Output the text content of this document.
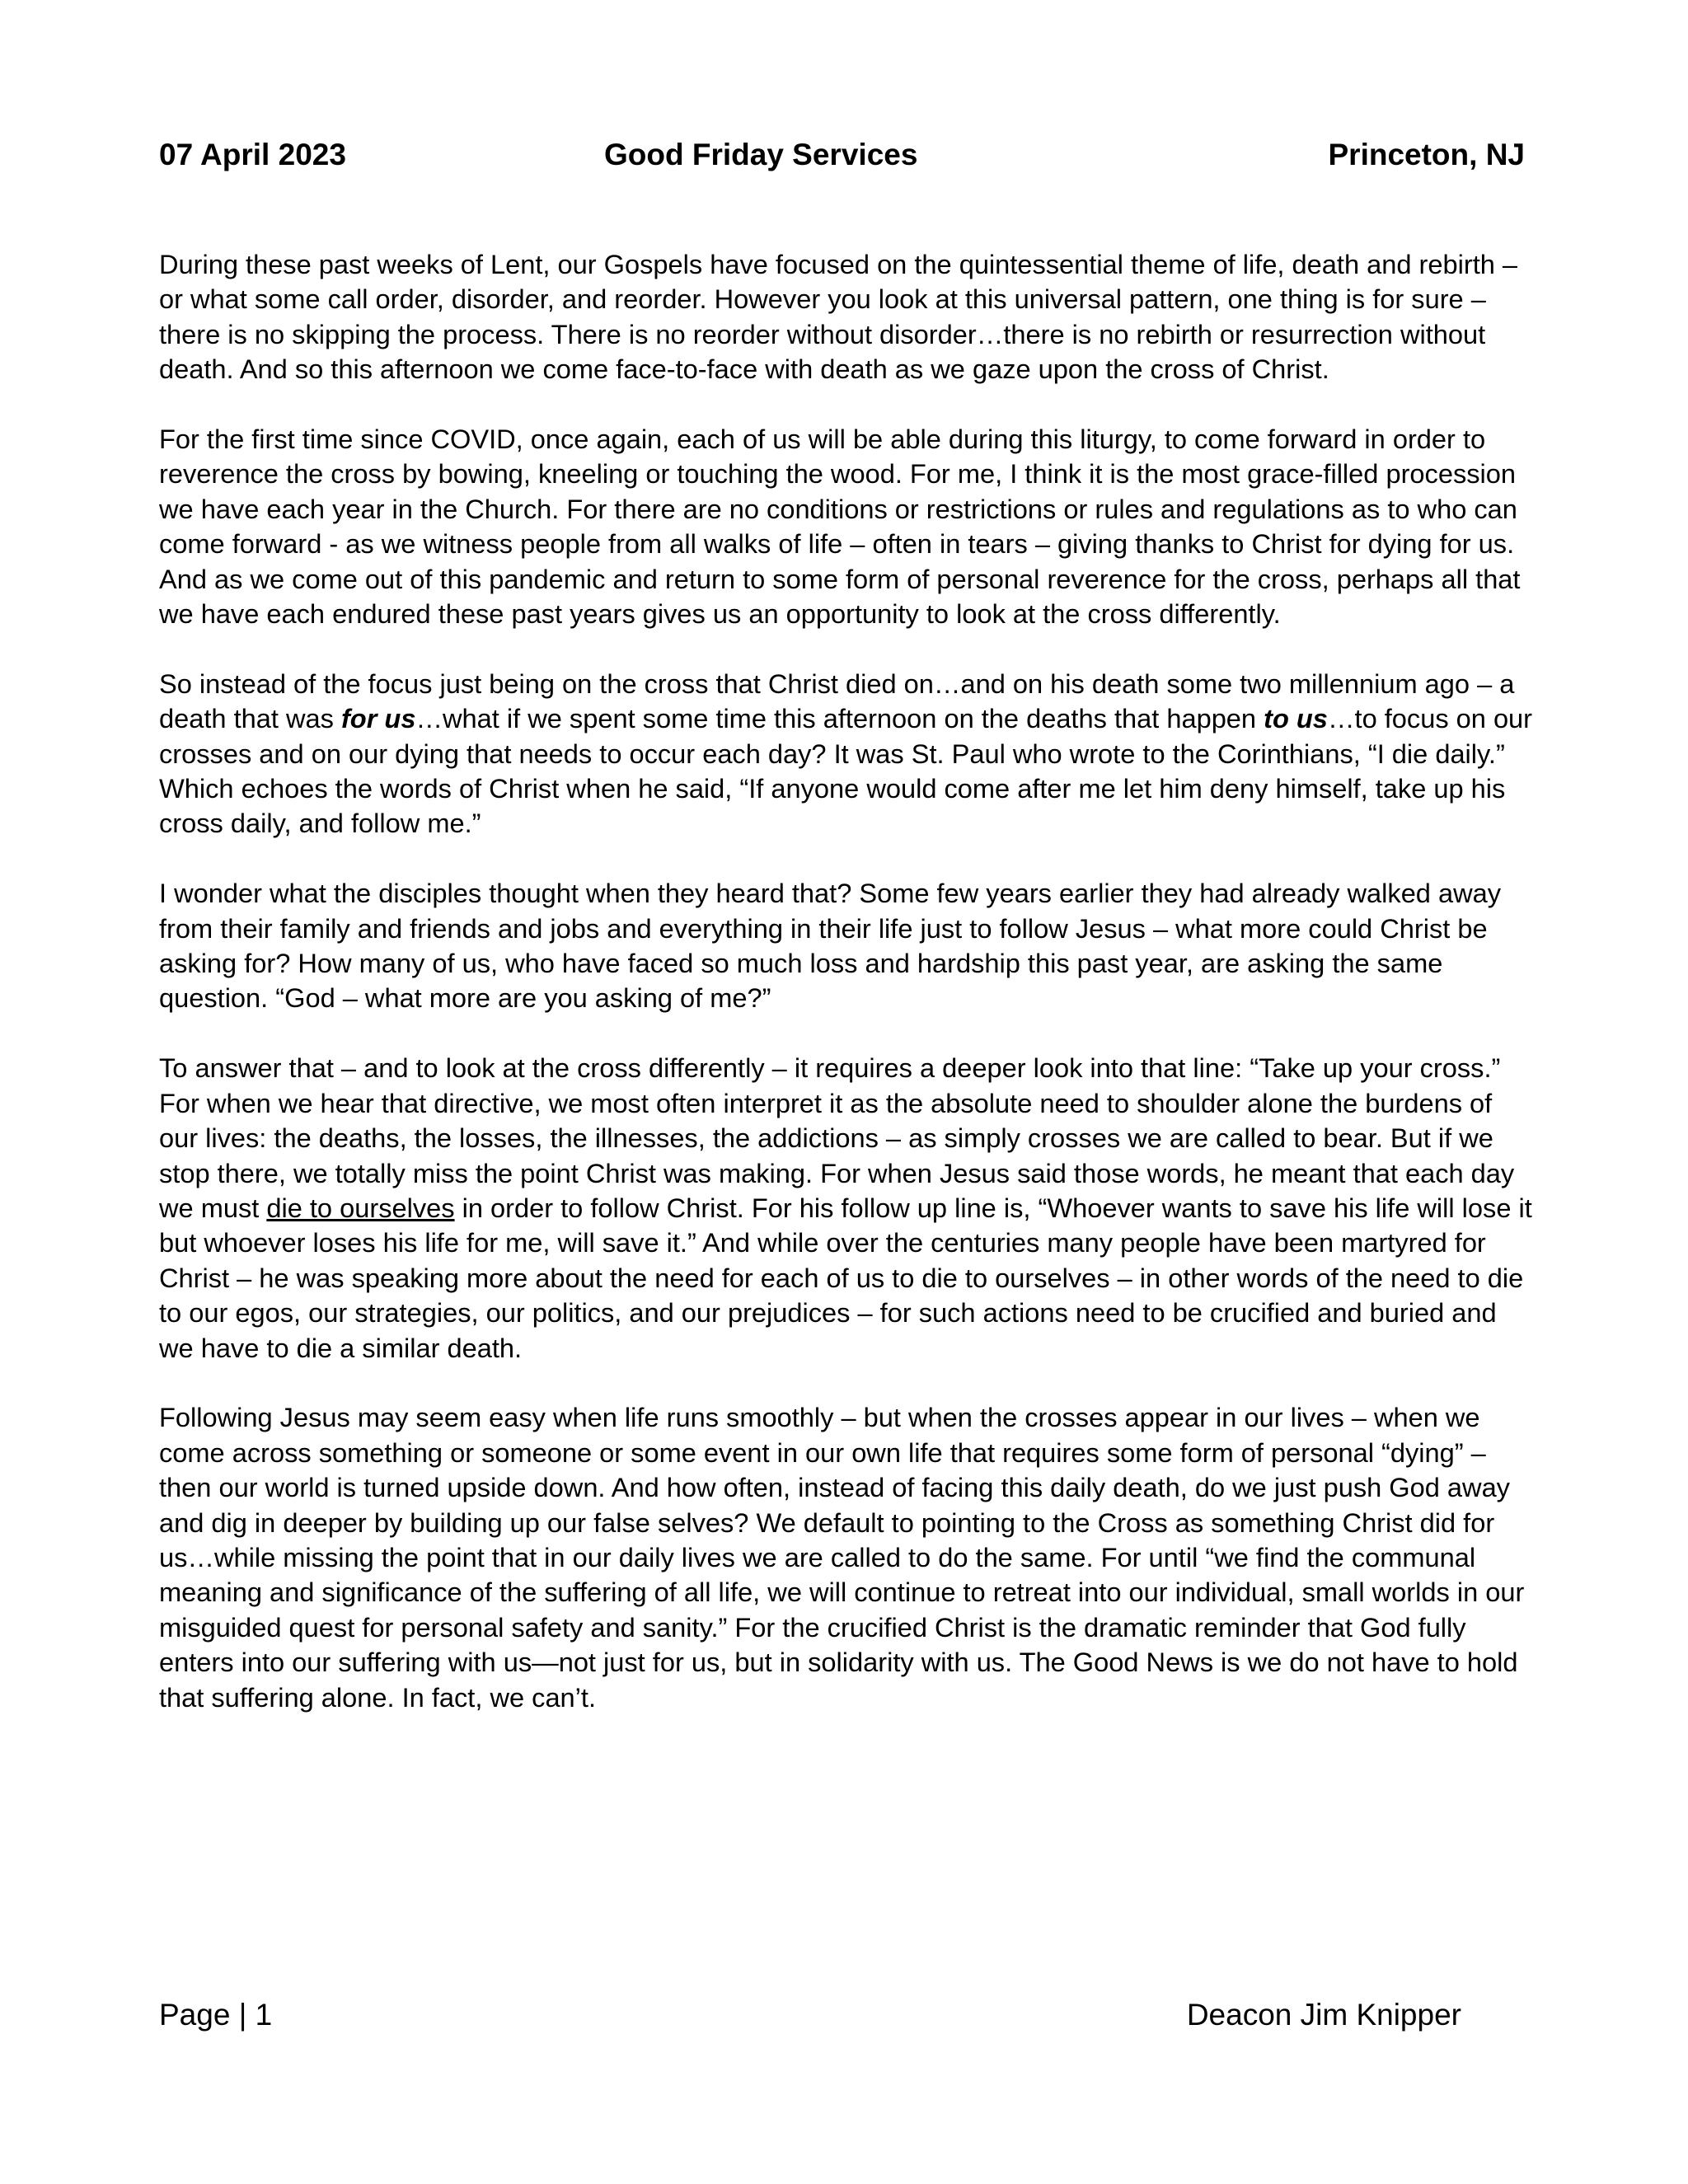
07 April 2023	Good Friday Services	Princeton, NJ

During these past weeks of Lent, our Gospels have focused on the quintessential theme of life, death and rebirth – or what some call order, disorder, and reorder. However you look at this universal pattern, one thing is for sure – there is no skipping the process. There is no reorder without disorder…there is no rebirth or resurrection without death. And so this afternoon we come face-to-face with death as we gaze upon the cross of Christ.

For the first time since COVID, once again, each of us will be able during this liturgy, to come forward in order to reverence the cross by bowing, kneeling or touching the wood. For me, I think it is the most grace-filled procession we have each year in the Church. For there are no conditions or restrictions or rules and regulations as to who can come forward - as we witness people from all walks of life – often in tears – giving thanks to Christ for dying for us. And as we come out of this pandemic and return to some form of personal reverence for the cross, perhaps all that we have each endured these past years gives us an opportunity to look at the cross differently.

So instead of the focus just being on the cross that Christ died on…and on his death some two millennium ago – a death that was for us…what if we spent some time this afternoon on the deaths that happen to us…to focus on our crosses and on our dying that needs to occur each day? It was St. Paul who wrote to the Corinthians, “I die daily.” Which echoes the words of Christ when he said, “If anyone would come after me let him deny himself, take up his cross daily, and follow me.”

I wonder what the disciples thought when they heard that? Some few years earlier they had already walked away from their family and friends and jobs and everything in their life just to follow Jesus – what more could Christ be asking for? How many of us, who have faced so much loss and hardship this past year, are asking the same question. “God – what more are you asking of me?”

To answer that – and to look at the cross differently – it requires a deeper look into that line: “Take up your cross.” For when we hear that directive, we most often interpret it as the absolute need to shoulder alone the burdens of our lives: the deaths, the losses, the illnesses, the addictions – as simply crosses we are called to bear. But if we stop there, we totally miss the point Christ was making. For when Jesus said those words, he meant that each day we must die to ourselves in order to follow Christ. For his follow up line is, “Whoever wants to save his life will lose it but whoever loses his life for me, will save it.” And while over the centuries many people have been martyred for Christ – he was speaking more about the need for each of us to die to ourselves – in other words of the need to die to our egos, our strategies, our politics, and our prejudices – for such actions need to be crucified and buried and we have to die a similar death.

Following Jesus may seem easy when life runs smoothly – but when the crosses appear in our lives – when we come across something or someone or some event in our own life that requires some form of personal “dying” – then our world is turned upside down. And how often, instead of facing this daily death, do we just push God away and dig in deeper by building up our false selves? We default to pointing to the Cross as something Christ did for us…while missing the point that in our daily lives we are called to do the same. For until “we find the communal meaning and significance of the suffering of all life, we will continue to retreat into our individual, small worlds in our misguided quest for personal safety and sanity.” For the crucified Christ is the dramatic reminder that God fully enters into our suffering with us—not just for us, but in solidarity with us. The Good News is we do not have to hold that suffering alone. In fact, we can’t.

Page | 1	Deacon Jim Knipper
